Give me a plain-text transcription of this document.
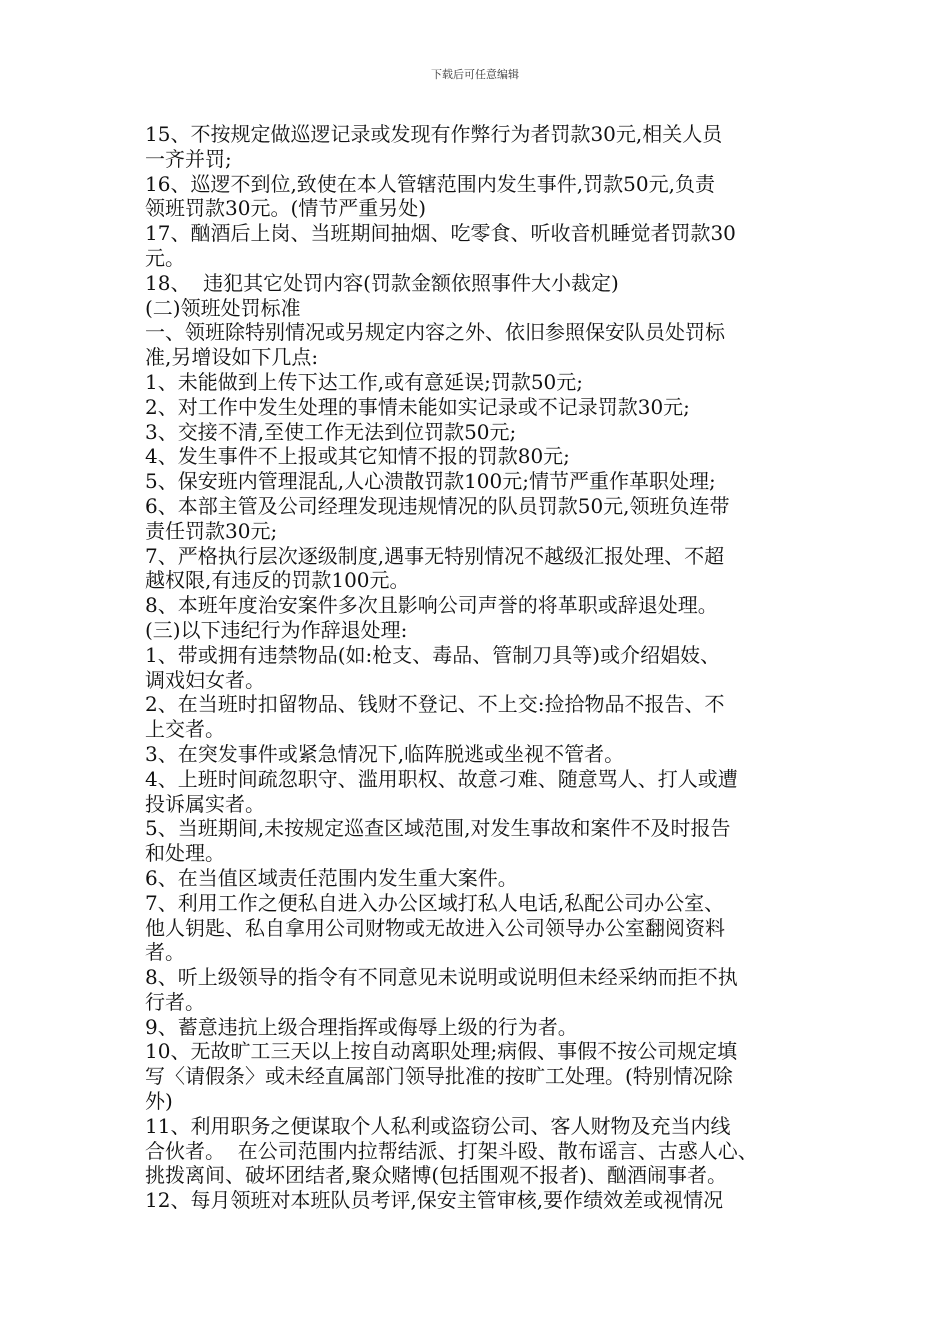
下载后可任意编辑
15、不按规定做巡逻记录或发现有作弊行为者罚款30元,相关人员
一齐并罚;
16、巡逻不到位,致使在本人管辖范围内发生事件,罚款50元,负责
领班罚款30元。(情节严重另处)
17、酗酒后上岗、当班期间抽烟、吃零食、听收音机睡觉者罚款30
元。
18、  违犯其它处罚内容(罚款金额依照事件大小裁定)
(二)领班处罚标准
一、领班除特别情况或另规定内容之外、依旧参照保安队员处罚标
准,另增设如下几点:
1、未能做到上传下达工作,或有意延误;罚款50元;
2、对工作中发生处理的事情未能如实记录或不记录罚款30元;
3、交接不清,至使工作无法到位罚款50元;
4、发生事件不上报或其它知情不报的罚款80元;
5、保安班内管理混乱,人心溃散罚款100元;情节严重作革职处理;
6、本部主管及公司经理发现违规情况的队员罚款50元,领班负连带
责任罚款30元;
7、严格执行层次逐级制度,遇事无特别情况不越级汇报处理、不超
越权限,有违反的罚款100元。
8、本班年度治安案件多次且影响公司声誉的将革职或辞退处理。
(三)以下违纪行为作辞退处理:
1、带或拥有违禁物品(如:枪支、毒品、管制刀具等)或介绍娼妓、
调戏妇女者。
2、在当班时扣留物品、钱财不登记、不上交:捡拾物品不报告、不
上交者。
3、在突发事件或紧急情况下,临阵脱逃或坐视不管者。
4、上班时间疏忽职守、滥用职权、故意刁难、随意骂人、打人或遭
投诉属实者。
5、当班期间,未按规定巡查区域范围,对发生事故和案件不及时报告
和处理。
6、在当值区域责任范围内发生重大案件。
7、利用工作之便私自进入办公区域打私人电话,私配公司办公室、
他人钥匙、私自拿用公司财物或无故进入公司领导办公室翻阅资料
者。
8、听上级领导的指令有不同意见未说明或说明但未经采纳而拒不执
行者。
9、蓄意违抗上级合理指挥或侮辱上级的行为者。
10、无故旷工三天以上按自动离职处理;病假、事假不按公司规定填
写〈请假条〉或未经直属部门领导批准的按旷工处理。(特别情况除
外)
11、利用职务之便谋取个人私利或盗窃公司、客人财物及充当内线
合伙者。  在公司范围内拉帮结派、打架斗殴、散布谣言、古惑人心、
挑拨离间、破坏团结者,聚众赌博(包括围观不报者)、酗酒闹事者。
12、每月领班对本班队员考评,保安主管审核,要作绩效差或视情况
